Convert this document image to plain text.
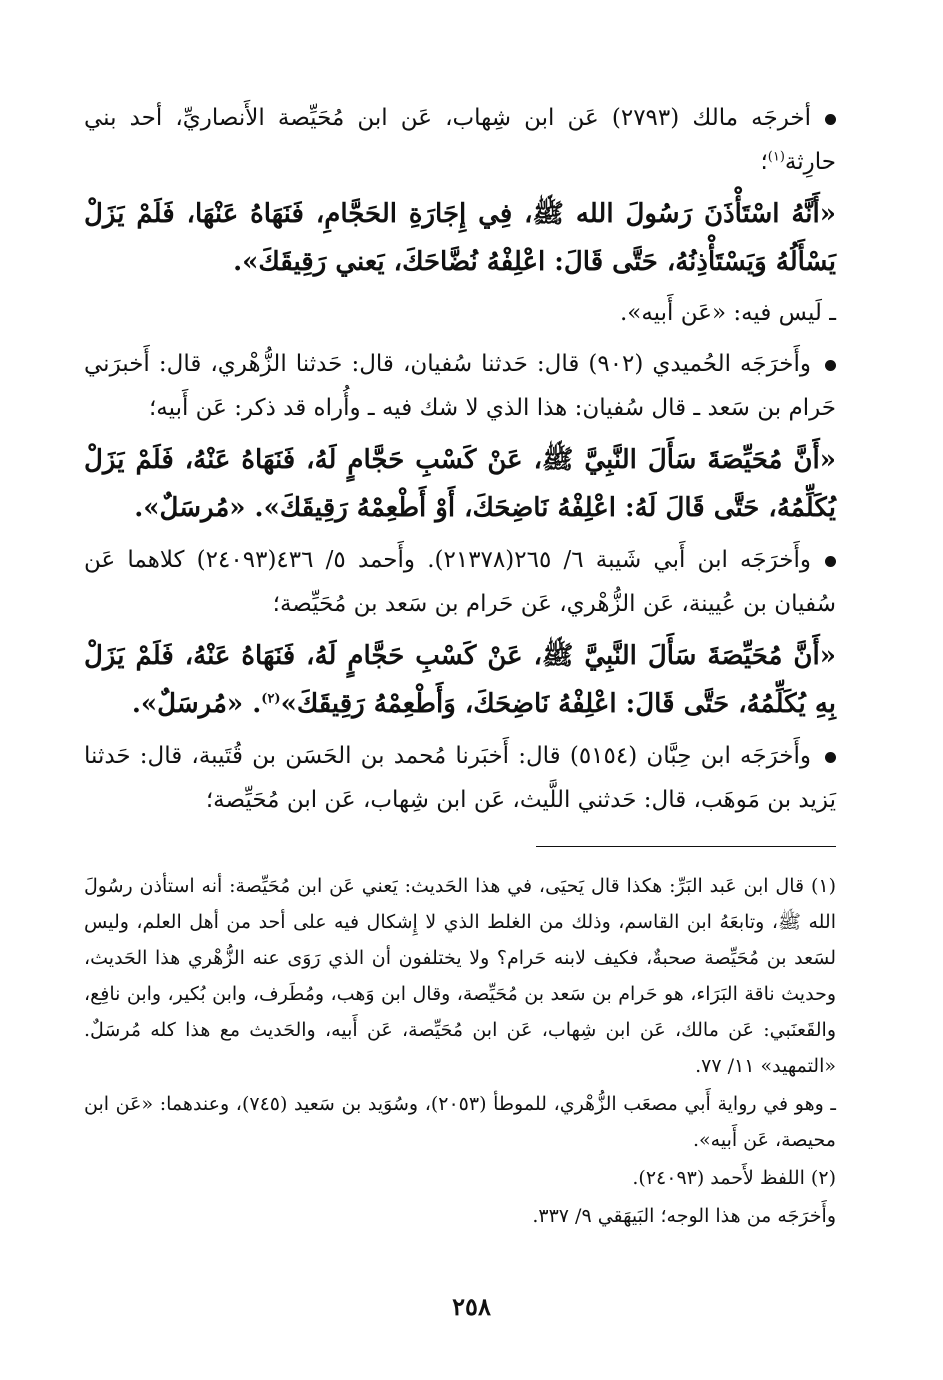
أخرجَه مالك (٢٧٩٣) عَن ابن شِهاب، عَن ابن مُحَيِّصة الأَنصاريِّ، أحد بني حارِثة$^{(١)}$؛

«أَنَّهُ اسْتَأْذَنَ رَسُولَ الله ﷺ، فِي إِجَارَةِ الحَجَّامِ، فَنَهَاهُ عَنْهَا، فَلَمْ يَزَلْ يَسْأَلُهُ وَيَسْتَأْذِنُهُ، حَتَّى قَالَ: اعْلِفْهُ نُضَّاحَكَ، يَعني رَقِيقَكَ».

ـ لَيس فيه: «عَن أَبيه».

وأَخرَجَه الحُميدي (٩٠٢) قال: حَدثنا سُفيان، قال: حَدثنا الزُّهْري، قال: أَخبرَني حَرام بن سَعد ـ قال سُفيان: هذا الذي لا شك فيه ـ وأُراه قد ذكر: عَن أَبيه؛

«أَنَّ مُحَيِّصَةَ سَأَلَ النَّبِيَّ ﷺ، عَنْ كَسْبِ حَجَّامٍ لَهُ، فَنَهَاهُ عَنْهُ، فَلَمْ يَزَلْ يُكَلِّمُهُ، حَتَّى قَالَ لَهُ: اعْلِفْهُ نَاضِحَكَ، أَوْ أَطْعِمْهُ رَقِيقَكَ». «مُرسَلٌ».

وأَخرَجَه ابن أَبي شَيبة ٦/ ٢٦٥(٢١٣٧٨). وأَحمد ٥/ ٤٣٦(٢٤٠٩٣) كلاهما عَن سُفيان بن عُيينة، عَن الزُّهْري، عَن حَرام بن سَعد بن مُحَيِّصة؛

«أَنَّ مُحَيِّصَةَ سَأَلَ النَّبِيَّ ﷺ، عَنْ كَسْبِ حَجَّامٍ لَهُ، فَنَهَاهُ عَنْهُ، فَلَمْ يَزَلْ بِهِ يُكَلِّمُهُ، حَتَّى قَالَ: اعْلِفْهُ نَاضِحَكَ، وَأَطْعِمْهُ رَقِيقَكَ»$^{(٢)}$. «مُرسَلٌ».

وأَخرَجَه ابن حِبَّان (٥١٥٤) قال: أَخبَرنا مُحمد بن الحَسَن بن قُتَيبة، قال: حَدثنا يَزيد بن مَوهَب، قال: حَدثني اللَّيث، عَن ابن شِهاب، عَن ابن مُحَيِّصة؛

(١) قال ابن عَبد البَرِّ: هكذا قال يَحيَى، في هذا الحَديث: يَعني عَن ابن مُحَيِّصة: أنه استأذن رسُولَ الله ﷺ، وتابعَهُ ابن القاسم، وذلك من الغلط الذي لا إِشكال فيه على أحد من أهل العلم، وليس لسَعد بن مُحَيِّصة صحبةٌ، فكيف لابنه حَرام؟ ولا يختلفون أن الذي رَوَى عنه الزُّهْري هذا الحَديث، وحديث ناقة البَرَاء، هو حَرام بن سَعد بن مُحَيِّصة، وقال ابن وَهب، ومُطَرف، وابن بُكير، وابن نافِع، والقَعنَبي: عَن مالك، عَن ابن شِهاب، عَن ابن مُحَيِّصة، عَن أَبيه، والحَديث مع هذا كله مُرسَلٌ. «التمهيد» ١١/ ٧٧.

ـ وهو في رواية أَبي مصعَب الزُّهْري، للموطأ (٢٠٥٣)، وسُوَيد بن سَعيد (٧٤٥)، وعندهما: «عَن ابن محيصة، عَن أَبيه».

(٢) اللفظ لأَحمد (٢٤٠٩٣).

وأَخرَجَه من هذا الوجه؛ البَيهَقي ٩/ ٣٣٧.

٢٥٨
